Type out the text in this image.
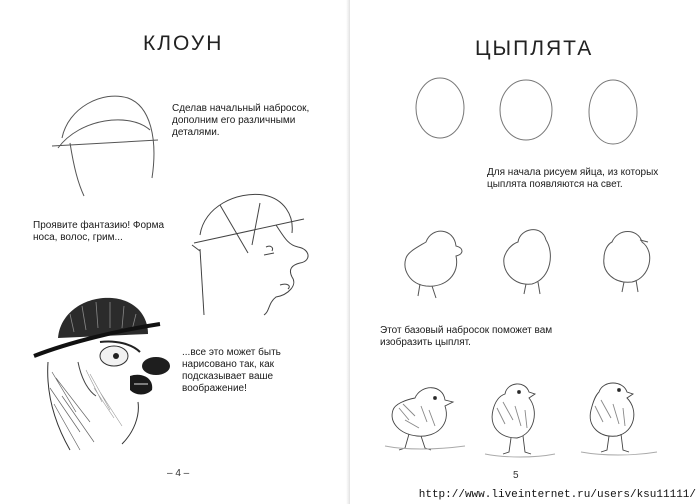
КЛОУН
Сделав начальный набросок, дополним его различными деталями.
Проявите фантазию! Форма носа, волос, грим...
...все это может быть нарисовано так, как подсказывает ваше воображение!
– 4 –
ЦЫПЛЯТА
Для начала рисуем яйца, из которых цыплята появляются на свет.
Этот базовый набросок поможет вам изобразить цыплят.
5
http://www.liveinternet.ru/users/ksu11111/
